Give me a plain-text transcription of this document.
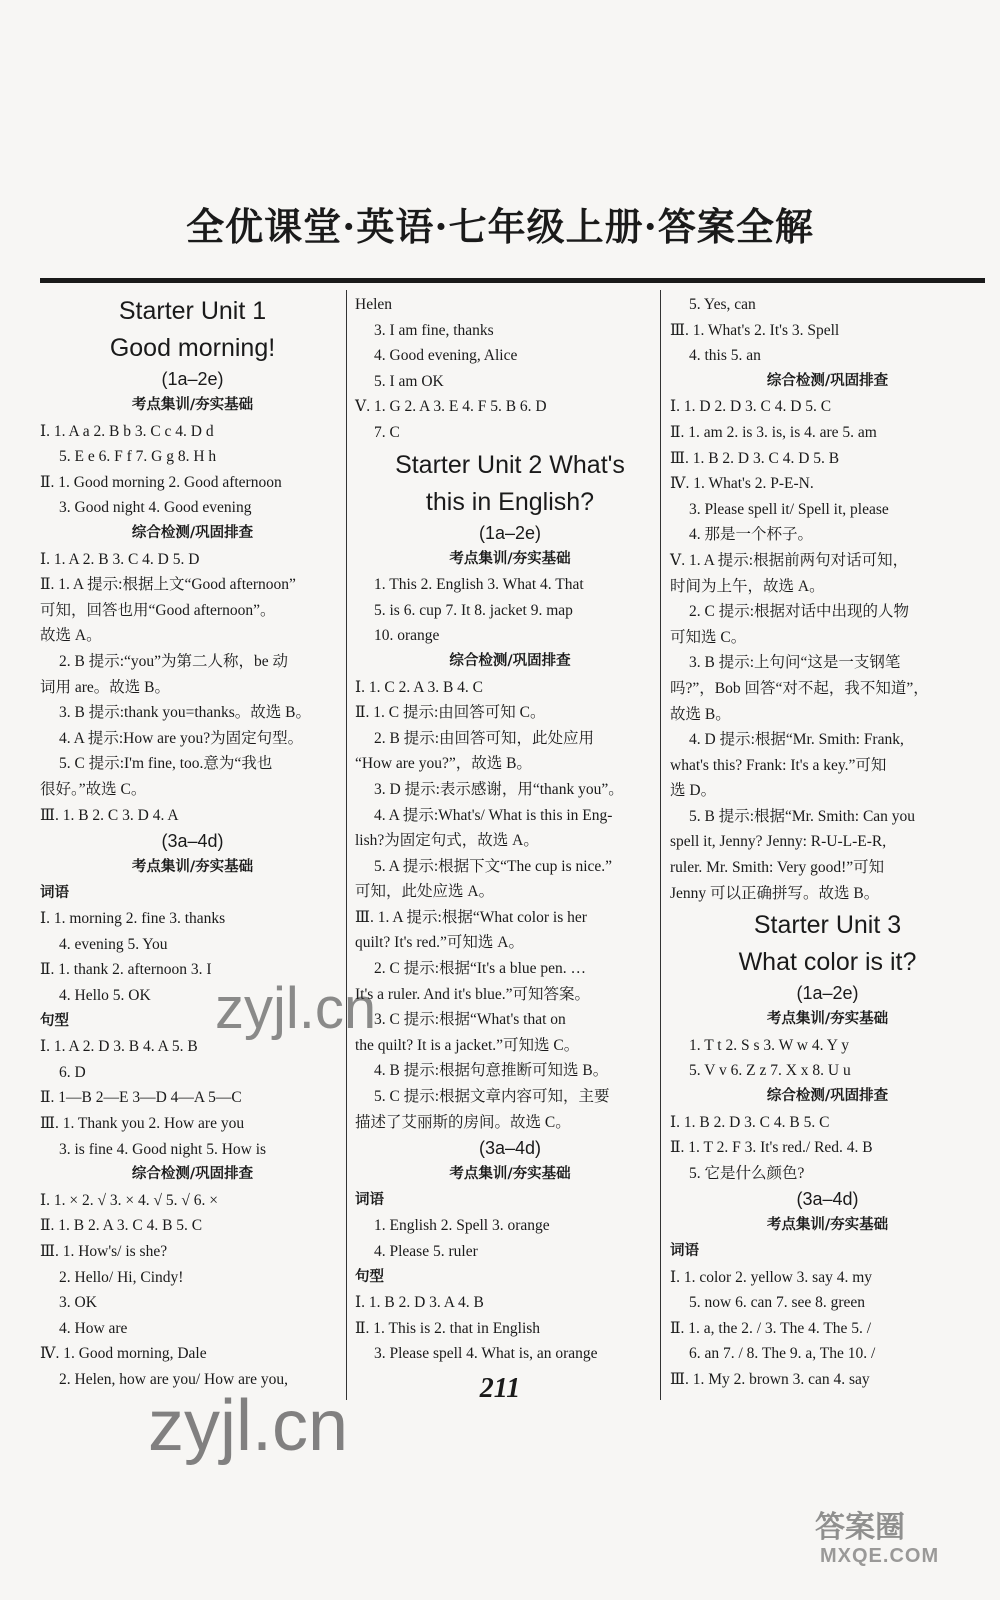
全优课堂·英语·七年级上册·答案全解
Starter Unit 1
Good morning!
(1a–2e)
考点集训/夯实基础
Ⅰ. 1. A a 2. B b 3. C c 4. D d
5. E e 6. F f 7. G g 8. H h
Ⅱ. 1. Good morning 2. Good afternoon
3. Good night 4. Good evening
综合检测/巩固排查
Ⅰ. 1. A 2. B 3. C 4. D 5. D
Ⅱ. 1. A 提示:根据上文“Good afternoon”
可知，回答也用“Good afternoon”。
故选 A。
2. B 提示:“you”为第二人称，be 动
词用 are。故选 B。
3. B 提示:thank you=thanks。故选 B。
4. A 提示:How are you?为固定句型。
5. C 提示:I'm fine, too.意为“我也
很好。”故选 C。
Ⅲ. 1. B 2. C 3. D 4. A
(3a–4d)
考点集训/夯实基础
词语
Ⅰ. 1. morning 2. fine 3. thanks
4. evening 5. You
Ⅱ. 1. thank 2. afternoon 3. I
4. Hello 5. OK
句型
Ⅰ. 1. A 2. D 3. B 4. A 5. B
6. D
Ⅱ. 1—B 2—E 3—D 4—A 5—C
Ⅲ. 1. Thank you 2. How are you
3. is fine 4. Good night 5. How is
综合检测/巩固排查
Ⅰ. 1. × 2. √ 3. × 4. √ 5. √ 6. ×
Ⅱ. 1. B 2. A 3. C 4. B 5. C
Ⅲ. 1. How's/ is she?
2. Hello/ Hi, Cindy!
3. OK
4. How are
Ⅳ. 1. Good morning, Dale
2. Helen, how are you/ How are you,
Helen
3. I am fine, thanks
4. Good evening, Alice
5. I am OK
Ⅴ. 1. G 2. A 3. E 4. F 5. B 6. D
7. C
Starter Unit 2 What's
this in English?
(1a–2e)
考点集训/夯实基础
1. This 2. English 3. What 4. That
5. is 6. cup 7. It 8. jacket 9. map
10. orange
综合检测/巩固排查
Ⅰ. 1. C 2. A 3. B 4. C
Ⅱ. 1. C 提示:由回答可知 C。
2. B 提示:由回答可知，此处应用
“How are you?”，故选 B。
3. D 提示:表示感谢，用“thank you”。
4. A 提示:What's/ What is this in Eng-
lish?为固定句式，故选 A。
5. A 提示:根据下文“The cup is nice.”
可知，此处应选 A。
Ⅲ. 1. A 提示:根据“What color is her
quilt? It's red.”可知选 A。
2. C 提示:根据“It's a blue pen. …
It's a ruler. And it's blue.”可知答案。
3. C 提示:根据“What's that on
the quilt? It is a jacket.”可知选 C。
4. B 提示:根据句意推断可知选 B。
5. C 提示:根据文章内容可知，主要
描述了艾丽斯的房间。故选 C。
(3a–4d)
考点集训/夯实基础
词语
1. English 2. Spell 3. orange
4. Please 5. ruler
句型
Ⅰ. 1. B 2. D 3. A 4. B
Ⅱ. 1. This is 2. that in English
3. Please spell 4. What is, an orange
5. Yes, can
Ⅲ. 1. What's 2. It's 3. Spell
4. this 5. an
综合检测/巩固排查
Ⅰ. 1. D 2. D 3. C 4. D 5. C
Ⅱ. 1. am 2. is 3. is, is 4. are 5. am
Ⅲ. 1. B 2. D 3. C 4. D 5. B
Ⅳ. 1. What's 2. P-E-N.
3. Please spell it/ Spell it, please
4. 那是一个杯子。
Ⅴ. 1. A 提示:根据前两句对话可知，
时间为上午，故选 A。
2. C 提示:根据对话中出现的人物
可知选 C。
3. B 提示:上句问“这是一支钢笔
吗?”，Bob 回答“对不起，我不知道”，
故选 B。
4. D 提示:根据“Mr. Smith: Frank,
what's this? Frank: It's a key.”可知
选 D。
5. B 提示:根据“Mr. Smith: Can you
spell it, Jenny? Jenny: R-U-L-E-R,
ruler. Mr. Smith: Very good!”可知
Jenny 可以正确拼写。故选 B。
Starter Unit 3
What color is it?
(1a–2e)
考点集训/夯实基础
1. T t 2. S s 3. W w 4. Y y
5. V v 6. Z z 7. X x 8. U u
综合检测/巩固排查
Ⅰ. 1. B 2. D 3. C 4. B 5. C
Ⅱ. 1. T 2. F 3. It's red./ Red. 4. B
5. 它是什么颜色?
(3a–4d)
考点集训/夯实基础
词语
Ⅰ. 1. color 2. yellow 3. say 4. my
5. now 6. can 7. see 8. green
Ⅱ. 1. a, the 2. / 3. The 4. The 5. /
6. an 7. / 8. The 9. a, The 10. /
Ⅲ. 1. My 2. brown 3. can 4. say
211
zyjl.cn
zyjl.cn
答案圈
MXQE.COM
